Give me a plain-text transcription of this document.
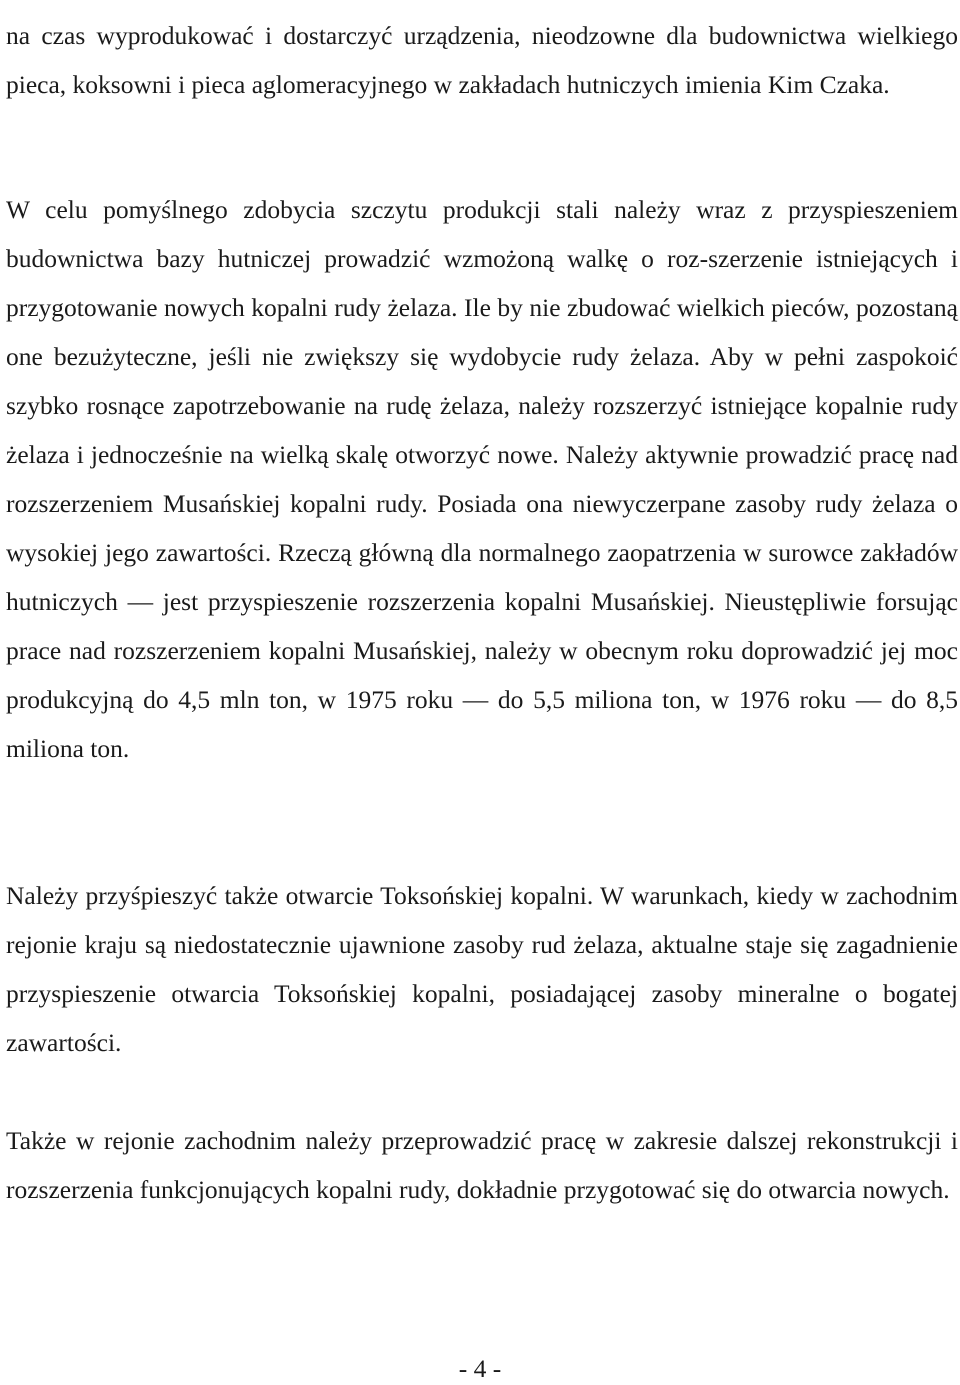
na czas wyprodukować i dostarczyć urządzenia, nieodzowne dla budownictwa wielkiego pieca, koksowni i pieca aglomeracyjnego w zakładach hutniczych imienia Kim Czaka.

W celu pomyślnego zdobycia szczytu produkcji stali należy wraz z przyspieszeniem budownictwa bazy hutniczej prowadzić wzmożoną walkę o roz-szerzenie istniejących i przygotowanie nowych kopalni rudy żelaza. Ile by nie zbudować wielkich pieców, pozostaną one bezużyteczne, jeśli nie zwiększy się wydobycie rudy żelaza. Aby w pełni zaspokoić szybko rosnące zapotrzebowanie na rudę żelaza, należy rozszerzyć istniejące kopalnie rudy żelaza i jednocześnie na wielką skalę otworzyć nowe. Należy aktywnie prowadzić pracę nad rozszerzeniem Musańskiej kopalni rudy. Posiada ona niewyczerpane zasoby rudy żelaza o wysokiej jego zawartości. Rzeczą główną dla normalnego zaopatrzenia w surowce zakładów hutniczych — jest przyspieszenie rozszerzenia kopalni Musańskiej. Nieustępliwie forsując prace nad rozszerzeniem kopalni Musańskiej, należy w obecnym roku doprowadzić jej moc produkcyjną do 4,5 mln ton, w 1975 roku — do 5,5 miliona ton, w 1976 roku — do 8,5 miliona ton.

Należy przyśpieszyć także otwarcie Toksońskiej kopalni. W warunkach, kiedy w zachodnim rejonie kraju są niedostatecznie ujawnione zasoby rud żelaza, aktualne staje się zagadnienie przyspieszenie otwarcia Toksońskiej kopalni, posiadającej zasoby mineralne o bogatej zawartości.

Także w rejonie zachodnim należy przeprowadzić pracę w zakresie dalszej rekonstrukcji i rozszerzenia funkcjonujących kopalni rudy, dokładnie przygotować się do otwarcia nowych.

- 4 -
